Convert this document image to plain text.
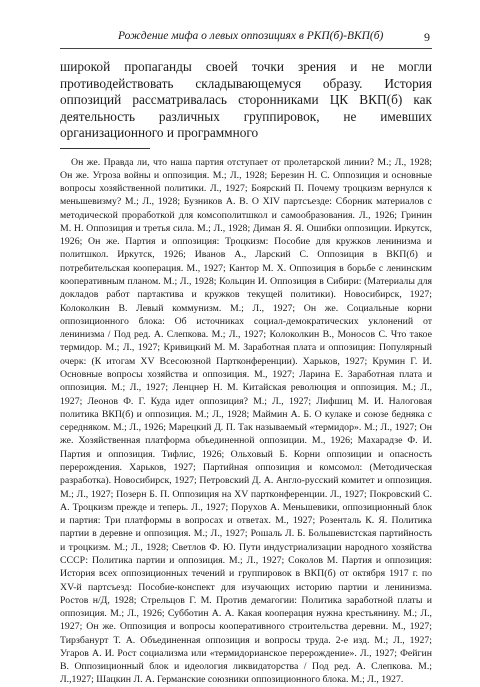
Рождение мифа о левых оппозициях в РКП(б)-ВКП(б)	9

широкой пропаганды своей точки зрения и не могли противодействовать складывающемуся образу. История оппозиций рассматривалась сторонниками ЦК ВКП(б) как деятельность различных группировок, не имевших организационного и программного

Он же. Правда ли, что наша партия отступает от пролетарской линии? М.; Л., 1928; Он же. Угроза войны и оппозиция. М.; Л., 1928; Березин Н. С. Оппозиция и основные вопросы хозяйственной политики. Л., 1927; Боярский П. Почему троцкизм вернулся к меньшевизму? М.; Л., 1928; Бузников А. В. О XIV партсъезде: Сборник материалов с методической проработкой для комсополитшкол и самообразования. Л., 1926; Гринин М. Н. Оппозиция и третья сила. М.; Л., 1928; Диман Я. Я. Ошибки оппозиции. Иркутск, 1926; Он же. Партия и оппозиция: Троцкизм: Пособие для кружков ленинизма и политшкол. Иркутск, 1926; Иванов А., Ларский С. Оппозиция в ВКП(б) и потребительская кооперация. М., 1927; Кантор М. Х. Оппозиция в борьбе с ленинским кооперативным планом. М.; Л., 1928; Кольцин И. Оппозиция в Сибири: (Материалы для докладов работ партактива и кружков текущей политики). Новосибирск, 1927; Колоколкин В. Левый коммунизм. М.; Л., 1927; Он же. Социальные корни оппозиционного блока: Об источниках социал-демократических уклонений от ленинизма / Под ред. А. Слепкова. М.; Л., 1927; Колоколкин В., Моносов С. Что такое термидор. М.; Л., 1927; Кривицкий М. М. Заработная плата и оппозиция: Популярный очерк: (К итогам XV Всесоюзной Партконференции). Харьков, 1927; Крумин Г. И. Основные вопросы хозяйства и оппозиция. М., 1927; Ларина Е. Заработная плата и оппозиция. М.; Л., 1927; Ленцнер Н. М. Китайская революция и оппозиция. М.; Л., 1927; Леонов Ф. Г. Куда идет оппозиция? М.; Л., 1927; Лифшиц М. И. Налоговая политика ВКП(б) и оппозиция. М.; Л., 1928; Маймин А. Б. О кулаке и союзе бедняка с середняком. М.; Л., 1926; Марецкий Д. П. Так называемый «термидор». М.; Л., 1927; Он же. Хозяйственная платформа объединенной оппозиции. М., 1926; Махарадзе Ф. И. Партия и оппозиция. Тифлис, 1926; Ольховый Б. Корни оппозиции и опасность перерождения. Харьков, 1927; Партийная оппозиция и комсомол: (Методическая разработка). Новосибирск, 1927; Петровский Д. А. Англо-русский комитет и оппозиция. М.; Л., 1927; Позерн Б. П. Оппозиция на XV партконференции. Л., 1927; Покровский С. А. Троцкизм прежде и теперь. Л., 1927; Порухов А. Меньшевики, оппозиционный блок и партия: Три платформы в вопросах и ответах. М., 1927; Розенталь К. Я. Политика партии в деревне и оппозиция. М.; Л., 1927; Рошаль Л. Б. Большевистская партийность и троцкизм. М.; Л., 1928; Светлов Ф. Ю. Пути индустриализации народного хозяйства СССР: Политика партии и оппозиция. М.; Л., 1927; Соколов М. Партия и оппозиция: История всех оппозиционных течений и группировок в ВКП(б) от октября 1917 г. по XV-й партсъезд: Пособие-конспект для изучающих историю партии и ленинизма. Ростов н/Д, 1928; Стрельцов Г. М. Против демагогии: Политика заработной платы и оппозиция. М.; Л., 1926; Субботин А. А. Какая кооперация нужна крестьянину. М.; Л., 1927; Он же. Оппозиция и вопросы кооперативного строительства деревни. М., 1927; Тирзбанурт Т. А. Объединенная оппозиция и вопросы труда. 2-е изд. М.; Л., 1927; Угаров А. И. Рост социализма или «термидорианское перерождение». Л., 1927; Фейгин В. Оппозиционный блок и идеология ликвидаторства / Под ред. А. Слепкова. М.; Л.,1927; Шацкин Л. А. Германские союзники оппозиционного блока. М.; Л., 1927.
